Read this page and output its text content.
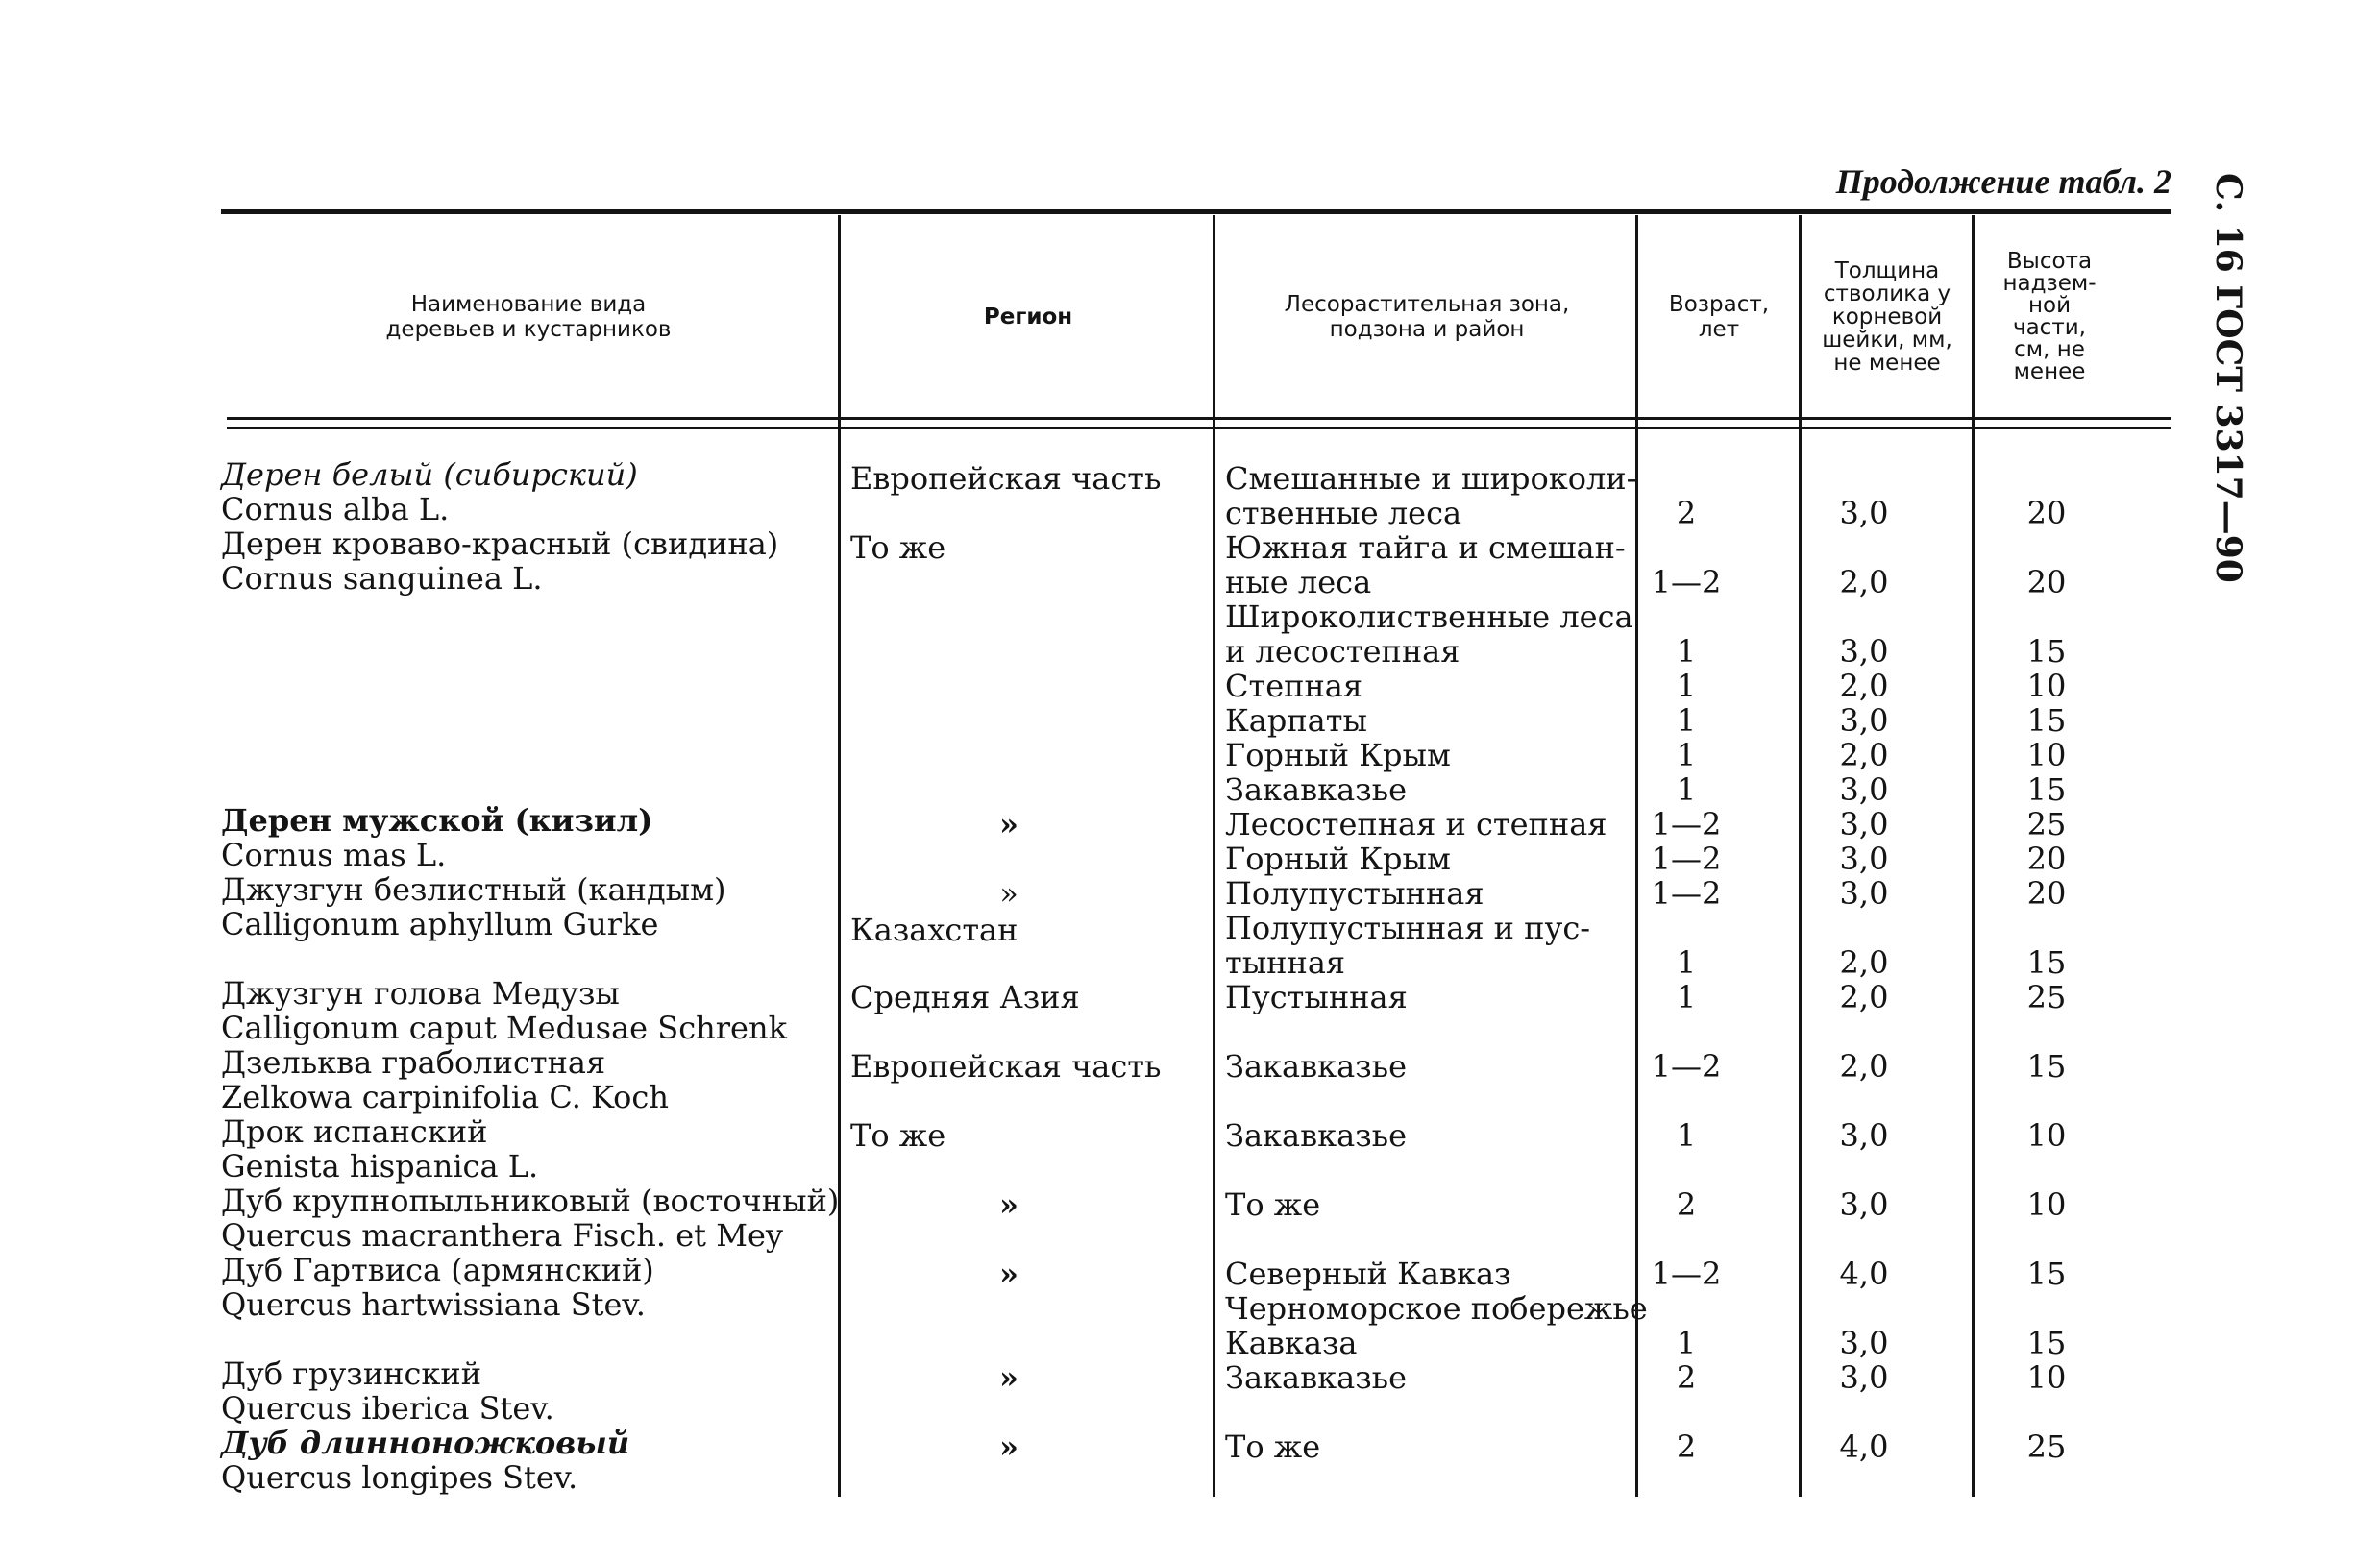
Продолжение табл. 2 С. 16 ГОСТ 3317—90
Наименование вида
деревьев и кустарников
Регион
Лесорастительная зона,
подзона и район
Возраст,
лет
Толщина
стволика у
корневой
шейки, мм,
не менее
Высота
надзем-
ной
части,
см, не
менее
Дерен белый (сибирский)
Cornus alba L.
Дерен кроваво-красный (свидина)
Cornus sanguinea L.
Дерен мужской (кизил)
Cornus mas L.
Джузгун безлистный (кандым)
Calligonum aphyllum Gurke
Джузгун голова Медузы
Calligonum caput Medusae Schrenk
Дзельква граболистная
Zelkowa carpinifolia C. Koch
Дрок испанский
Genista hispanica L.
Дуб крупнопыльниковый (восточный)
Quercus macranthera Fisch. et Mey
Дуб Гартвиса (армянский)
Quercus hartwissiana Stev.
Дуб грузинский
Quercus iberica Stev.
Дуб длинноножковый
Quercus longipes Stev.
Европейская часть
То же
»
»
Казахстан
Средняя Азия
Европейская часть
То же
»
»
»
»
Смешанные и широколи-
ственные леса
Южная тайга и смешан-
ные леса
Широколиственные леса
и лесостепная
Степная
Карпаты
Горный Крым
Закавказье
Лесостепная и степная
Горный Крым
Полупустынная
Полупустынная и пус-
тынная
Пустынная
Закавказье
Закавказье
То же
Северный Кавказ
Черноморское побережье
Кавказа
Закавказье
То же
2
1—2
1
1
1
1
1
1—2
1—2
1—2
1
1
1—2
1
2
1—2
1
2
2
3,0
2,0
3,0
2,0
3,0
2,0
3,0
3,0
3,0
3,0
2,0
2,0
2,0
3,0
3,0
4,0
3,0
3,0
4,0
20
20
15
10
15
10
15
25
20
20
15
25
15
10
10
15
15
10
25
